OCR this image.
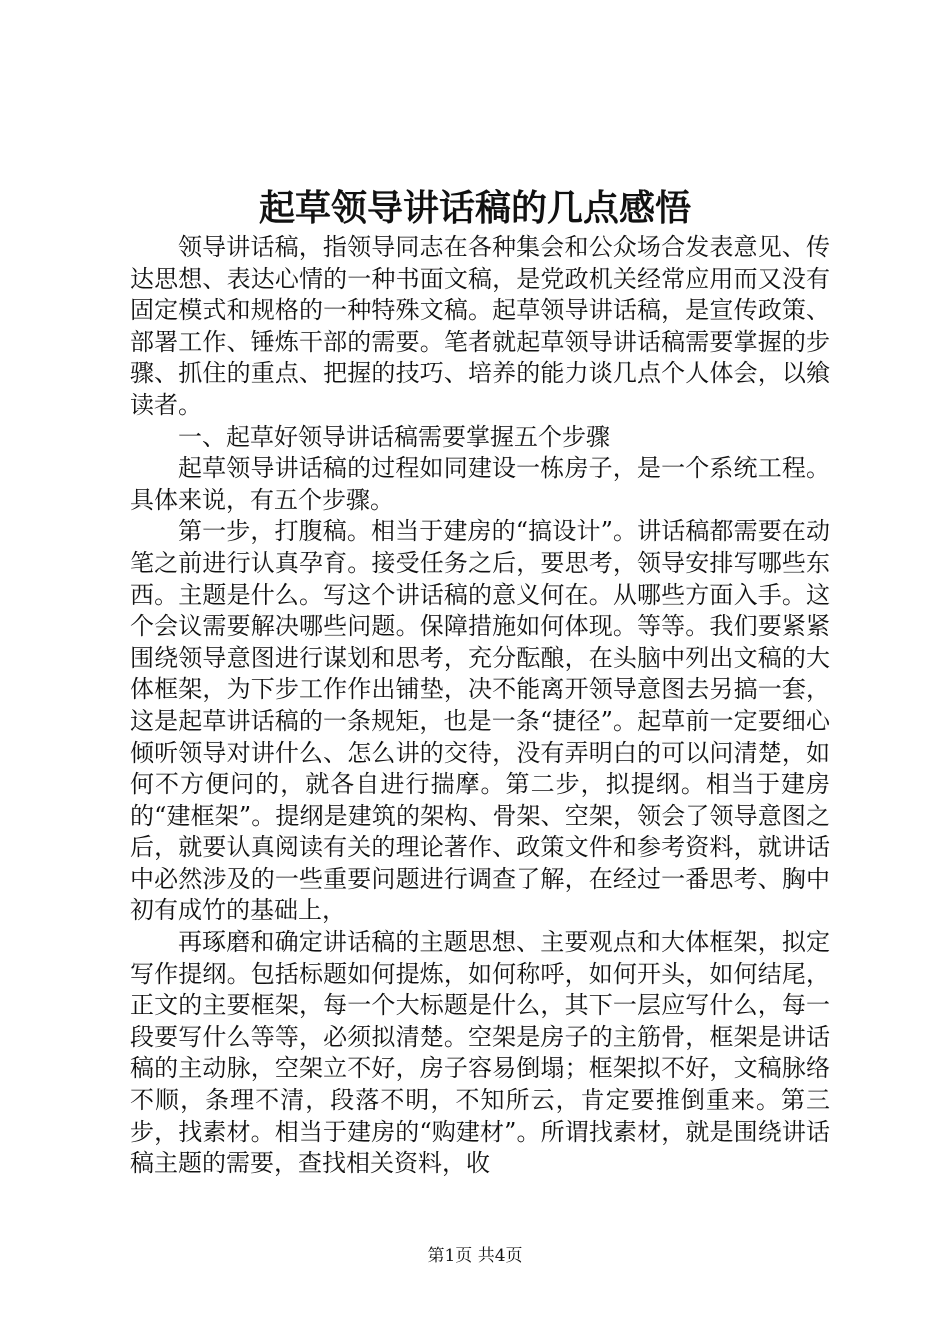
起草领导讲话稿的几点感悟

领导讲话稿，指领导同志在各种集会和公众场合发表意见、传达思想、表达心情的一种书面文稿，是党政机关经常应用而又没有固定模式和规格的一种特殊文稿。起草领导讲话稿，是宣传政策、部署工作、锤炼干部的需要。笔者就起草领导讲话稿需要掌握的步骤、抓住的重点、把握的技巧、培养的能力谈几点个人体会，以飨读者。

一、起草好领导讲话稿需要掌握五个步骤

起草领导讲话稿的过程如同建设一栋房子，是一个系统工程。具体来说，有五个步骤。

第一步，打腹稿。相当于建房的“搞设计”。讲话稿都需要在动笔之前进行认真孕育。接受任务之后，要思考，领导安排写哪些东西。主题是什么。写这个讲话稿的意义何在。从哪些方面入手。这个会议需要解决哪些问题。保障措施如何体现。等等。我们要紧紧围绕领导意图进行谋划和思考，充分酝酿，在头脑中列出文稿的大体框架，为下步工作作出铺垫，决不能离开领导意图去另搞一套，这是起草讲话稿的一条规矩，也是一条“捷径”。起草前一定要细心倾听领导对讲什么、怎么讲的交待，没有弄明白的可以问清楚，如何不方便问的，就各自进行揣摩。第二步，拟提纲。相当于建房的“建框架”。提纲是建筑的架构、骨架、空架，领会了领导意图之后，就要认真阅读有关的理论著作、政策文件和参考资料，就讲话中必然涉及的一些重要问题进行调查了解，在经过一番思考、胸中初有成竹的基础上，

再琢磨和确定讲话稿的主题思想、主要观点和大体框架，拟定写作提纲。包括标题如何提炼，如何称呼，如何开头，如何结尾，正文的主要框架，每一个大标题是什么，其下一层应写什么，每一段要写什么等等，必须拟清楚。空架是房子的主筋骨，框架是讲话稿的主动脉，空架立不好，房子容易倒塌；框架拟不好，文稿脉络不顺，条理不清，段落不明，不知所云，肯定要推倒重来。第三步，找素材。相当于建房的“购建材”。所谓找素材，就是围绕讲话稿主题的需要，查找相关资料，收

第1页 共4页
